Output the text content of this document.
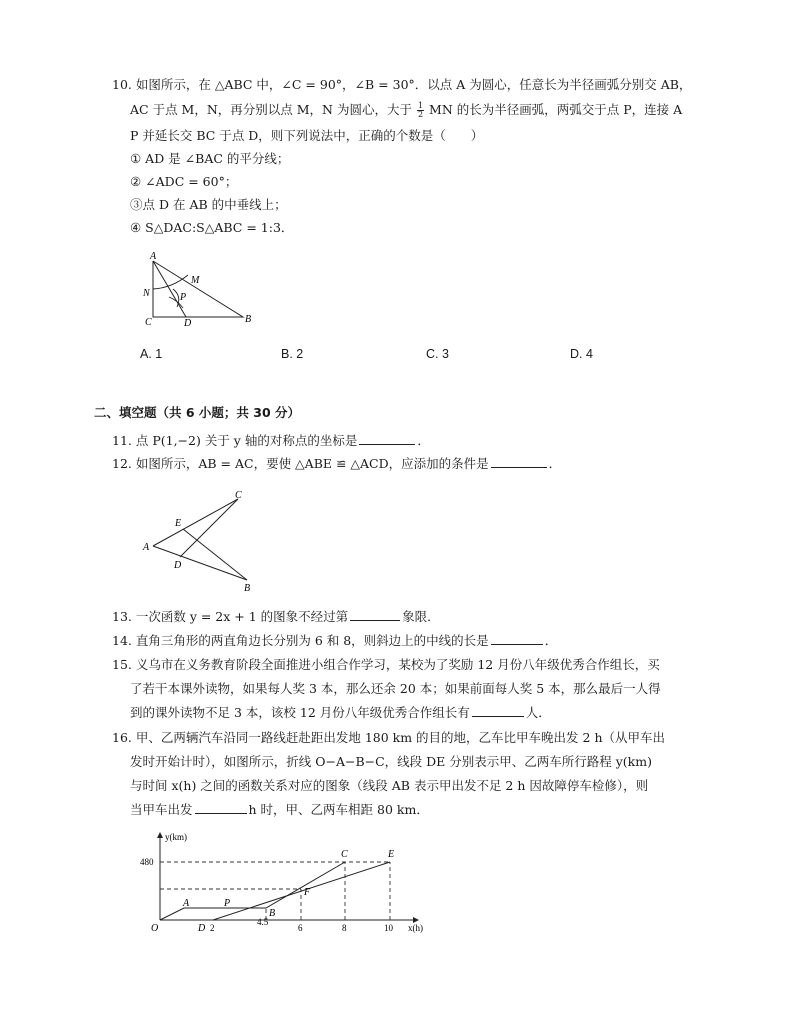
10. 如图所示，在 △ABC 中，∠C = 90°，∠B = 30°．以点 A 为圆心，任意长为半径画弧分别交 AB，
AC 于点 M，N，再分别以点 M，N 为圆心，大于 $\frac{1}{2}$ MN 的长为半径画弧，两弧交于点 P，连接 A
P 并延长交 BC 于点 D，则下列说法中，正确的个数是（　　）
① AD 是 ∠BAC 的平分线；
② ∠ADC = 60°；
③点 D 在 AB 的中垂线上；
④ S△DAC:S△ABC = 1:3．
A
M
N	P
C	D	B
A. 1	B. 2	C. 3	D. 4
二、填空题（共 6 小题；共 30 分）
11. 点 P(1,−2) 关于 y 轴的对称点的坐标是	．
12. 如图所示，AB = AC，要使 △ABE ≌ △ACD，应添加的条件是	．
A
C
E
D
B
13. 一次函数 y = 2x + 1 的图象不经过第	象限．
14. 直角三角形的两直角边长分别为 6 和 8，则斜边上的中线的长是	．
15. 义乌市在义务教育阶段全面推进小组合作学习，某校为了奖励 12 月份八年级优秀合作组长，买
了若干本课外读物，如果每人奖 3 本，那么还余 20 本；如果前面每人奖 5 本，那么最后一人得
到的课外读物不足 3 本，该校 12 月份八年级优秀合作组长有	人．
16. 甲、乙两辆汽车沿同一路线赶赴距出发地 180 km 的目的地，乙车比甲车晚出发 2 h（从甲车出
发时开始计时），如图所示，折线 O−A−B−C，线段 DE 分别表示甲、乙两车所行路程 y(km)
与时间 x(h) 之间的函数关系对应的图象（线段 AB 表示甲出发不足 2 h 因故障停车检修），则
当甲车出发	h 时，甲、乙两车相距 80 km．
y(km)
x(h)
480
O
A	P
B
C	E
F
D 2
4.5
6	8	10
